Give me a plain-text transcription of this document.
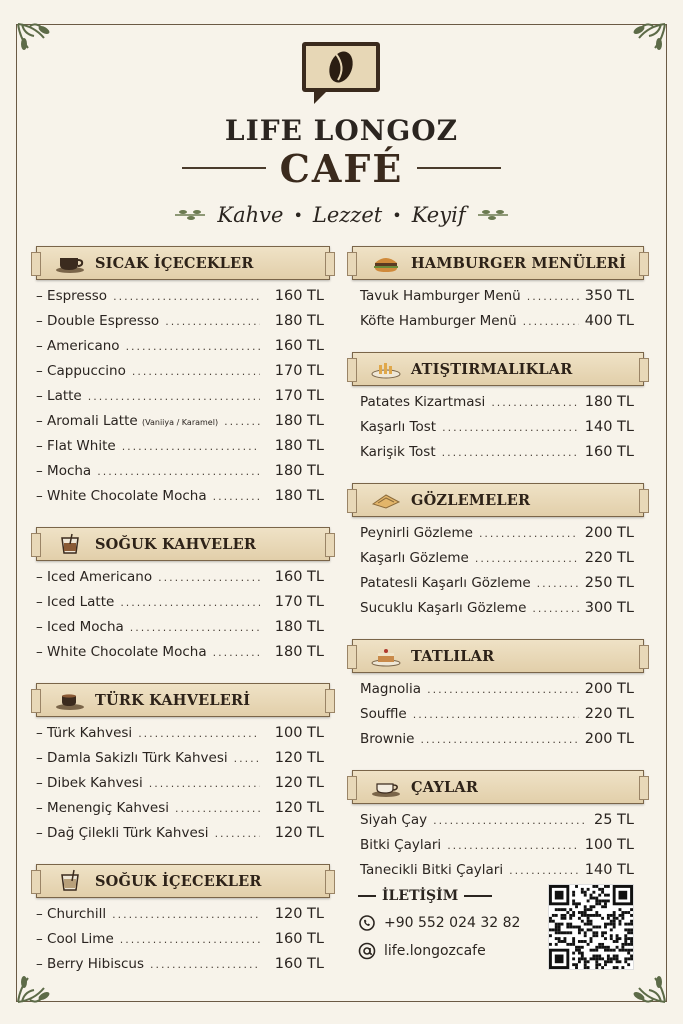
LIFE LONGOZ
CAFÉ
Kahve • Lezzet • Keyif
SICAK İÇECEKLER
– Espresso .....	160 TL
– Double Espresso .....	180 TL
– Americano .....	160 TL
– Cappuccino .....	170 TL
– Latte .....	170 TL
– Aromali Latte (Vaniiya / Karamel) .....	180 TL
– Flat White .....	180 TL
– Mocha .....	180 TL
– White Chocolate Mocha .....	180 TL
SOĞUK KAHVELER
– Iced Americano .....	160 TL
– Iced Latte .....	170 TL
– Iced Mocha .....	180 TL
– White Chocolate Mocha .....	180 TL
TÜRK KAHVELERİ
– Türk Kahvesi .....	100 TL
– Damla Sakizlı Türk Kahvesi .....	120 TL
– Dibek Kahvesi .....	120 TL
– Menengiç Kahvesi .....	120 TL
– Dağ Çilekli Türk Kahvesi .....	120 TL
SOĞUK İÇECEKLER
– Churchill .....	120 TL
– Cool Lime .....	160 TL
– Berry Hibiscus .....	160 TL
HAMBURGER MENÜLERİ
Tavuk Hamburger Menü .....	350 TL
Köfte Hamburger Menü .....	400 TL
ATIŞTIRMALIKLAR
Patates Kizartmasi .....	180 TL
Kaşarlı Tost .....	140 TL
Karişik Tost .....	160 TL
GÖZLEMELER
Peynirli Gözleme .....	200 TL
Kaşarlı Gözleme .....	220 TL
Patatesli Kaşarlı Gözleme .....	250 TL
Sucuklu Kaşarlı Gözleme .....	300 TL
TATLILAR
Magnolia .....	200 TL
Souffle .....	220 TL
Brownie .....	200 TL
ÇAYLAR
Siyah Çay .....	25 TL
Bitki Çaylari .....	100 TL
Tanecikli Bitki Çaylari .....	140 TL
İLETİŞİM
+90 552 024 32 82
life.longozcafe
